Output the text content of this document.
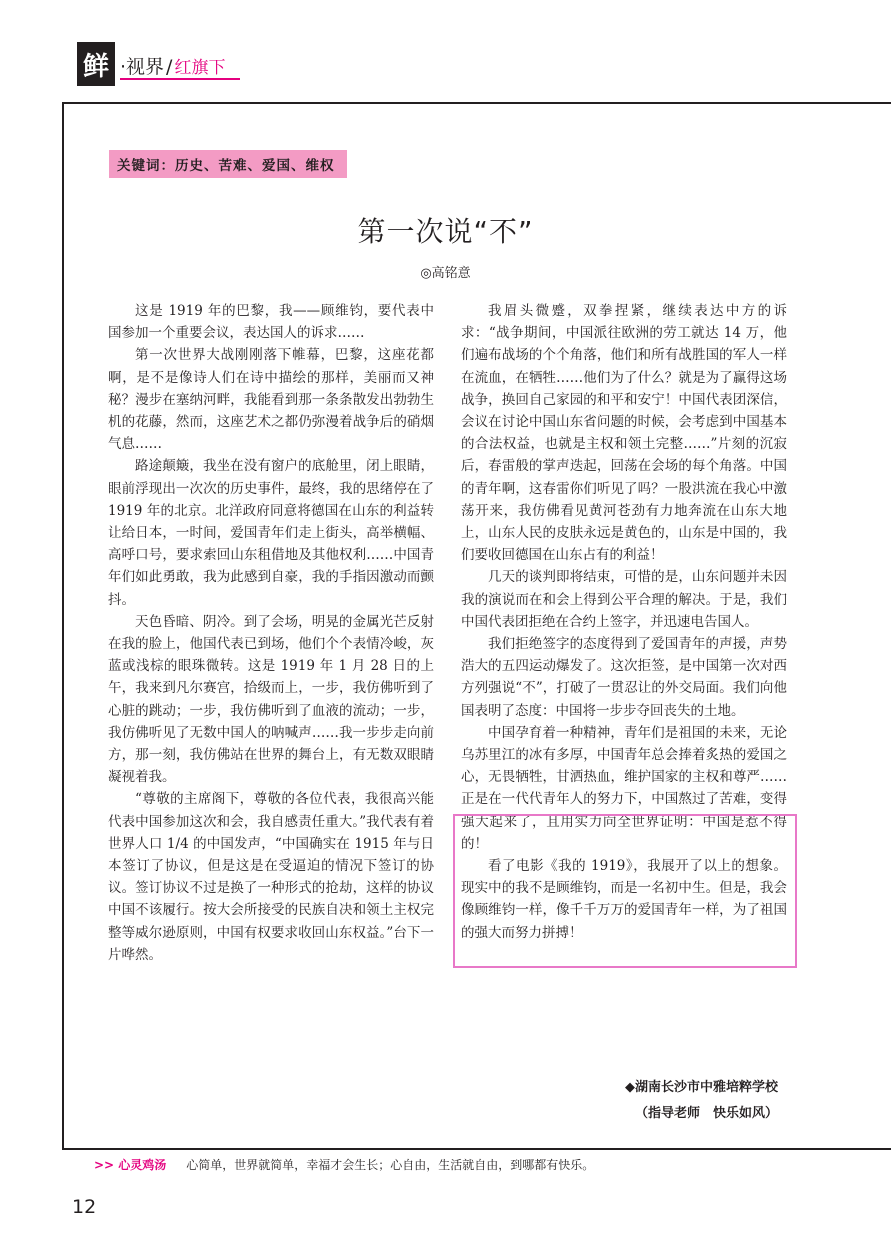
鲜 ·视界 / 红旗下
关键词：历史、苦难、爱国、维权
第一次说“不”
◎高铭意

这是 1919 年的巴黎，我——顾维钧，要代表中国参加一个重要会议，表达国人的诉求……

第一次世界大战刚刚落下帷幕，巴黎，这座花都啊，是不是像诗人们在诗中描绘的那样，美丽而又神秘？漫步在塞纳河畔，我能看到那一条条散发出勃勃生机的花藤，然而，这座艺术之都仍弥漫着战争后的硝烟气息……

路途颠簸，我坐在没有窗户的底舱里，闭上眼睛，眼前浮现出一次次的历史事件，最终，我的思绪停在了 1919 年的北京。北洋政府同意将德国在山东的利益转让给日本，一时间，爱国青年们走上街头，高举横幅、高呼口号，要求索回山东租借地及其他权利……中国青年们如此勇敢，我为此感到自豪，我的手指因激动而颤抖。

天色昏暗、阴冷。到了会场，明晃的金属光芒反射在我的脸上，他国代表已到场，他们个个表情冷峻，灰蓝或浅棕的眼珠微转。这是 1919 年 1 月 28 日的上午，我来到凡尔赛宫，拾级而上，一步，我仿佛听到了心脏的跳动；一步，我仿佛听到了血液的流动；一步，我仿佛听见了无数中国人的呐喊声……我一步步走向前方，那一刻，我仿佛站在世界的舞台上，有无数双眼睛凝视着我。

“尊敬的主席阁下，尊敬的各位代表，我很高兴能代表中国参加这次和会，我自感责任重大。”我代表有着世界人口 1/4 的中国发声，“中国确实在 1915 年与日本签订了协议，但是这是在受逼迫的情况下签订的协议。签订协议不过是换了一种形式的抢劫，这样的协议中国不该履行。按大会所接受的民族自决和领土主权完整等威尔逊原则，中国有权要求收回山东权益。”台下一片哗然。

我眉头微蹙，双拳捏紧，继续表达中方的诉求：“战争期间，中国派往欧洲的劳工就达 14 万，他们遍布战场的个个角落，他们和所有战胜国的军人一样在流血，在牺牲……他们为了什么？就是为了赢得这场战争，换回自己家园的和平和安宁！中国代表团深信，会议在讨论中国山东省问题的时候，会考虑到中国基本的合法权益，也就是主权和领土完整……”片刻的沉寂后，春雷般的掌声迭起，回荡在会场的每个角落。中国的青年啊，这春雷你们听见了吗？一股洪流在我心中激荡开来，我仿佛看见黄河苍劲有力地奔流在山东大地上，山东人民的皮肤永远是黄色的，山东是中国的，我们要收回德国在山东占有的利益！

几天的谈判即将结束，可惜的是，山东问题并未因我的演说而在和会上得到公平合理的解决。于是，我们中国代表团拒绝在合约上签字，并迅速电告国人。

我们拒绝签字的态度得到了爱国青年的声援，声势浩大的五四运动爆发了。这次拒签，是中国第一次对西方列强说“不”，打破了一贯忍让的外交局面。我们向他国表明了态度：中国将一步步夺回丧失的土地。

中国孕育着一种精神，青年们是祖国的未来，无论乌苏里江的冰有多厚，中国青年总会捧着炙热的爱国之心，无畏牺牲，甘洒热血，维护国家的主权和尊严……正是在一代代青年人的努力下，中国熬过了苦难，变得强大起来了，且用实力向全世界证明：中国是惹不得的！

看了电影《我的 1919》，我展开了以上的想象。现实中的我不是顾维钧，而是一名初中生。但是，我会像顾维钧一样，像千千万万的爱国青年一样，为了祖国的强大而努力拼搏！

◆湖南长沙市中雅培粹学校
（指导老师　快乐如风）
>> 心灵鸡汤 心简单，世界就简单，幸福才会生长；心自由，生活就自由，到哪都有快乐。
12
